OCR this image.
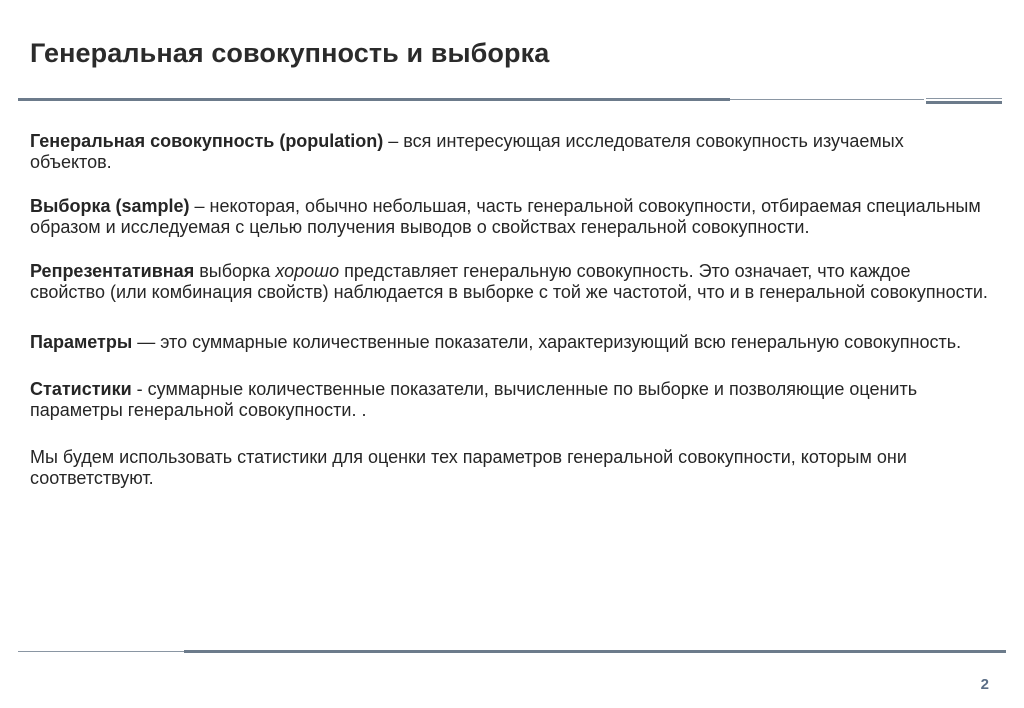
Генеральная совокупность и выборка

Генеральная совокупность (population) – вся интересующая исследователя совокупность изучаемых объектов.

Выборка (sample) – некоторая, обычно небольшая, часть генеральной совокупности, отбираемая специальным образом и исследуемая с целью получения выводов о свойствах генеральной совокупности.

Репрезентативная выборка хорошо представляет генеральную совокупность. Это означает, что каждое свойство (или комбинация свойств) наблюдается в выборке с той же частотой, что и в генеральной совокупности.

Параметры — это суммарные количественные показатели, характеризующий всю генеральную совокупность.

Статистики - суммарные количественные показатели, вычисленные по выборке и позволяющие оценить параметры генеральной совокупности. .

Мы будем использовать статистики для оценки тех параметров генеральной совокупности, которым они соответствуют.

2
